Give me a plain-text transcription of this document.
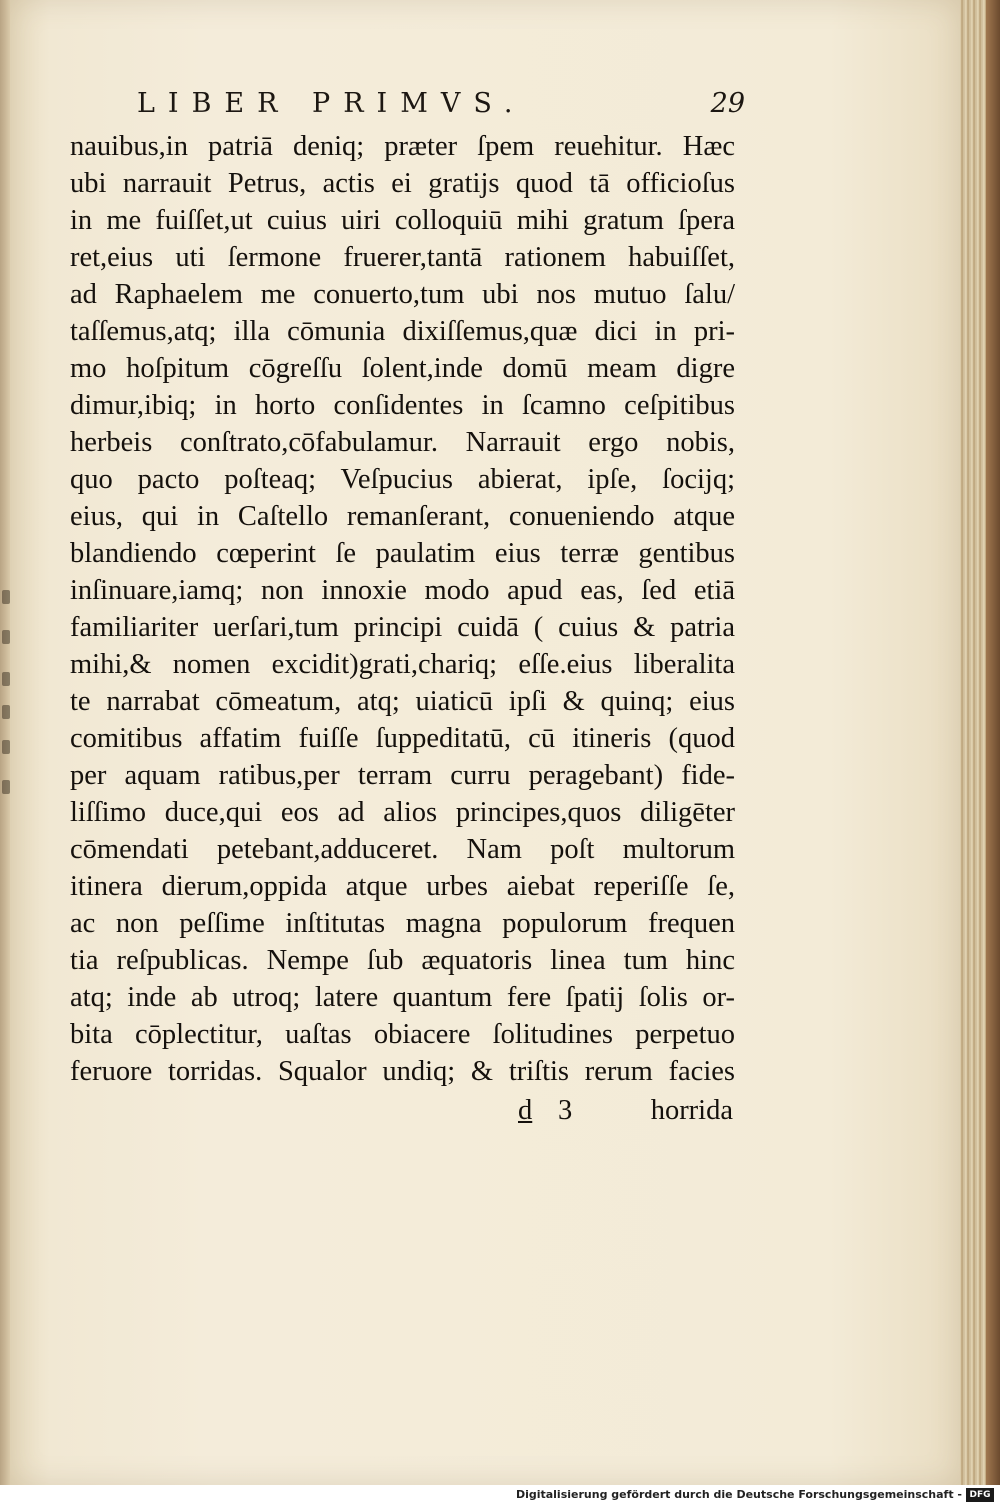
LIBER PRIMVS.	29
nauibus,in patriā deniq; præter ſpem reuehitur. Hæc
ubi narrauit Petrus, actis ei gratijs quod tā officioſus
in me fuiſſet,ut cuius uiri colloquiū mihi gratum ſpera
ret,eius uti ſermone fruerer,tantā rationem habuiſſet,
ad Raphaelem me conuerto,tum ubi nos mutuo ſalu/
taſſemus,atq; illa cōmunia dixiſſemus,quæ dici in pri-
mo hoſpitum cōgreſſu ſolent,inde domū meam digre
dimur,ibiq; in horto conſidentes in ſcamno ceſpitibus
herbeis conſtrato,cōfabulamur. Narrauit ergo nobis,
quo pacto poſteaq; Veſpucius abierat, ipſe, ſocijq;
eius, qui in Caſtello remanſerant, conueniendo atque
blandiendo cœperint ſe paulatim eius terræ gentibus
inſinuare,iamq; non innoxie modo apud eas, ſed etiā
familiariter uerſari,tum principi cuidā ( cuius & patria
mihi,& nomen excidit)grati,chariq; eſſe.eius liberalita
te narrabat cōmeatum, atq; uiaticū ipſi & quinq; eius
comitibus affatim fuiſſe ſuppeditatū, cū itineris (quod
per aquam ratibus,per terram curru peragebant) fide-
liſſimo duce,qui eos ad alios principes,quos diligēter
cōmendati petebant,adduceret. Nam poſt multorum
itinera dierum,oppida atque urbes aiebat reperiſſe ſe,
ac non peſſime inſtitutas magna populorum frequen
tia reſpublicas. Nempe ſub æquatoris linea tum hinc
atq; inde ab utroq; latere quantum fere ſpatij ſolis or-
bita cōplectitur, uaſtas obiacere ſolitudines perpetuo
feruore torridas. Squalor undiq; & triſtis rerum facies
d 3	horrida
Digitalisierung gefördert durch die Deutsche Forschungsgemeinschaft - DFG
